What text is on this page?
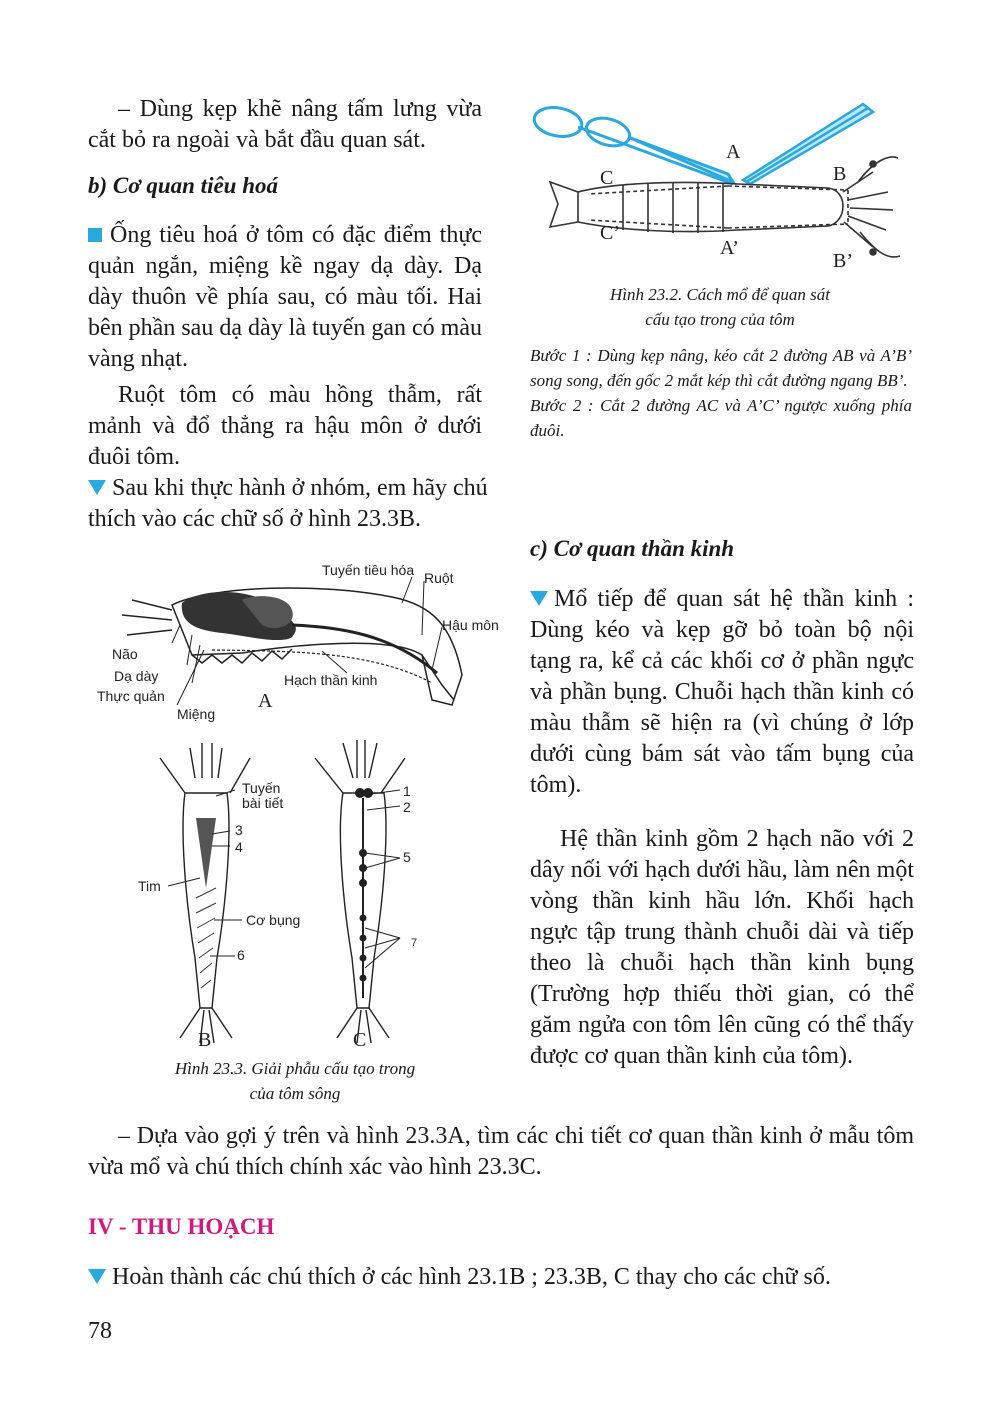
– Dùng kẹp khẽ nâng tấm lưng vừa cắt bỏ ra ngoài và bắt đầu quan sát.

b) Cơ quan tiêu hoá

Ống tiêu hoá ở tôm có đặc điểm thực quản ngắn, miệng kề ngay dạ dày. Dạ dày thuôn về phía sau, có màu tối. Hai bên phần sau dạ dày là tuyến gan có màu vàng nhạt.

Ruột tôm có màu hồng thẫm, rất mảnh và đổ thẳng ra hậu môn ở dưới đuôi tôm.

Sau khi thực hành ở nhóm, em hãy chú thích vào các chữ số ở hình 23.3B.

A
A’
B
B’
C
C’
Hình 23.2. Cách mổ để quan sát
cấu tạo trong của tôm

Bước 1 : Dùng kẹp nâng, kéo cắt 2 đường AB và A’B’ song song, đến gốc 2 mắt kép thì cắt đường ngang BB’.

Bước 2 : Cắt 2 đường AC và A’C’ ngược xuống phía đuôi.

c) Cơ quan thần kinh

Mổ tiếp để quan sát hệ thần kinh : Dùng kéo và kẹp gỡ bỏ toàn bộ nội tạng ra, kể cả các khối cơ ở phần ngực và phần bụng. Chuỗi hạch thần kinh có màu thẫm sẽ hiện ra (vì chúng ở lớp dưới cùng bám sát vào tấm bụng của tôm).

Hệ thần kinh gồm 2 hạch não với 2 dây nối với hạch dưới hầu, làm nên một vòng thần kinh hầu lớn. Khối hạch ngực tập trung thành chuỗi dài và tiếp theo là chuỗi hạch thần kinh bụng (Trường hợp thiếu thời gian, có thể găm ngửa con tôm lên cũng có thể thấy được cơ quan thần kinh của tôm).

Tuyến tiêu hóa Ruột
Hậu môn
Não
Dạ dày
Thực quản
Miệng
Hạch thần kinh
A
Tuyến
bài tiết
3
4
Tim
Cơ bụng
6
B
1
2
5
7
C
Hình 23.3. Giải phẫu cấu tạo trong
của tôm sông

– Dựa vào gợi ý trên và hình 23.3A, tìm các chi tiết cơ quan thần kinh ở mẫu tôm vừa mổ và chú thích chính xác vào hình 23.3C.

IV - THU HOẠCH

Hoàn thành các chú thích ở các hình 23.1B ; 23.3B, C thay cho các chữ số.

78
